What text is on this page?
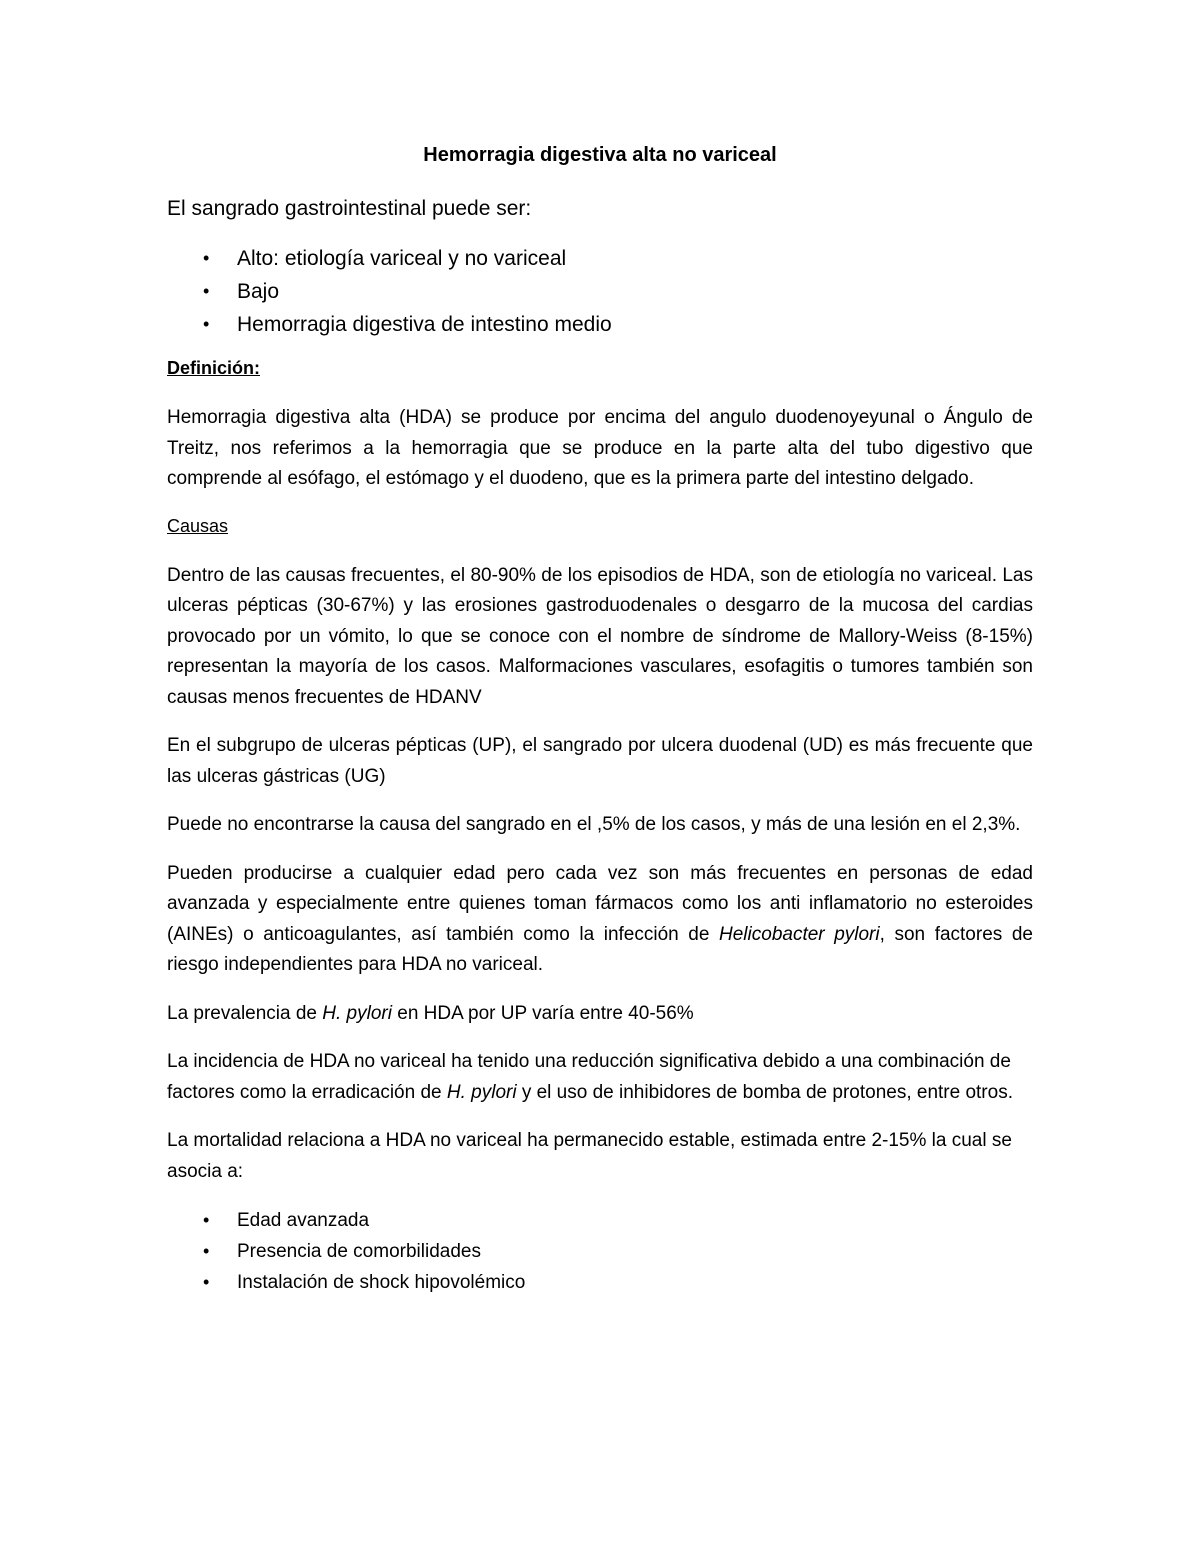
Hemorragia digestiva alta no variceal
El sangrado gastrointestinal puede ser:
• Alto: etiología variceal y no variceal
• Bajo
• Hemorragia digestiva de intestino medio
Definición:

Hemorragia digestiva alta (HDA) se produce por encima del angulo duodenoyeyunal o Ángulo de Treitz, nos referimos a la hemorragia que se produce en la parte alta del tubo digestivo que comprende al esófago, el estómago y el duodeno, que es la primera parte del intestino delgado.

Causas

Dentro de las causas frecuentes, el 80-90% de los episodios de HDA, son de etiología no variceal. Las ulceras pépticas (30-67%) y las erosiones gastroduodenales o desgarro de la mucosa del cardias provocado por un vómito, lo que se conoce con el nombre de síndrome de Mallory-Weiss (8-15%) representan la mayoría de los casos. Malformaciones vasculares, esofagitis o tumores también son causas menos frecuentes de HDANV

En el subgrupo de ulceras pépticas (UP), el sangrado por ulcera duodenal (UD) es más frecuente que las ulceras gástricas (UG)

Puede no encontrarse la causa del sangrado en el ,5% de los casos, y más de una lesión en el 2,3%.

Pueden producirse a cualquier edad pero cada vez son más frecuentes en personas de edad avanzada y especialmente entre quienes toman fármacos como los anti inflamatorio no esteroides (AINEs) o anticoagulantes, así también como la infección de Helicobacter pylori, son factores de riesgo independientes para HDA no variceal.

La prevalencia de H. pylori en HDA por UP varía entre 40-56%

La incidencia de HDA no variceal ha tenido una reducción significativa debido a una combinación de factores como la erradicación de H. pylori y el uso de inhibidores de bomba de protones, entre otros.

La mortalidad relaciona a HDA no variceal ha permanecido estable, estimada entre 2-15% la cual se asocia a:

• Edad avanzada
• Presencia de comorbilidades
• Instalación de shock hipovolémico
